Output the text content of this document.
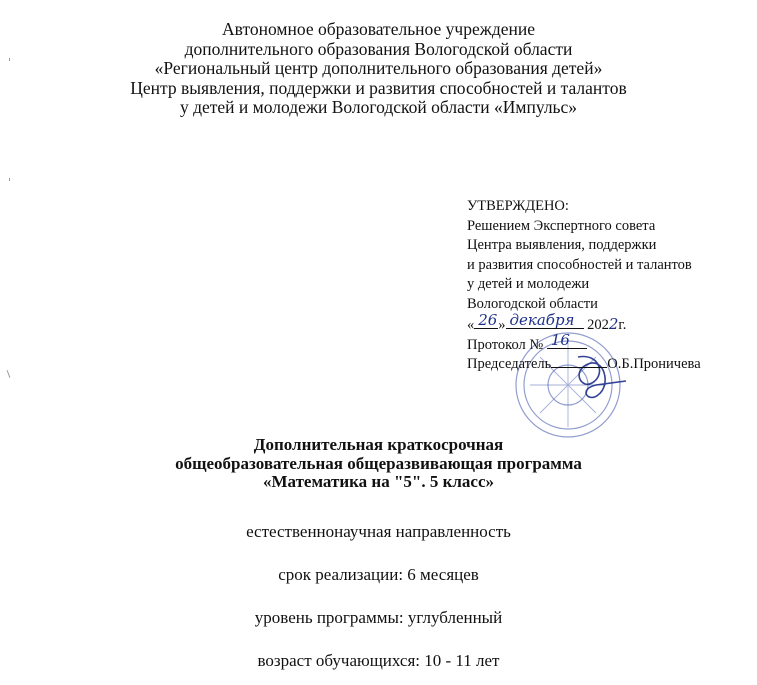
Автономное образовательное учреждение
дополнительного образования Вологодской области
«Региональный центр дополнительного образования детей»
Центр выявления, поддержки и развития способностей и талантов
у детей и молодежи Вологодской области «Импульс»
УТВЕРЖДЕНО:
Решением Экспертного совета
Центра выявления, поддержки
и развития способностей и талантов
у детей и молодежи
Вологодской области
« 26 » декабря 2022г.
Протокол № 16
Председатель	О.Б.Проничева
Дополнительная краткосрочная
общеобразовательная общеразвивающая программа
«Математика на "5". 5 класс»
естественнонаучная направленность
срок реализации: 6 месяцев
уровень программы: углубленный
возраст обучающихся: 10 - 11 лет
